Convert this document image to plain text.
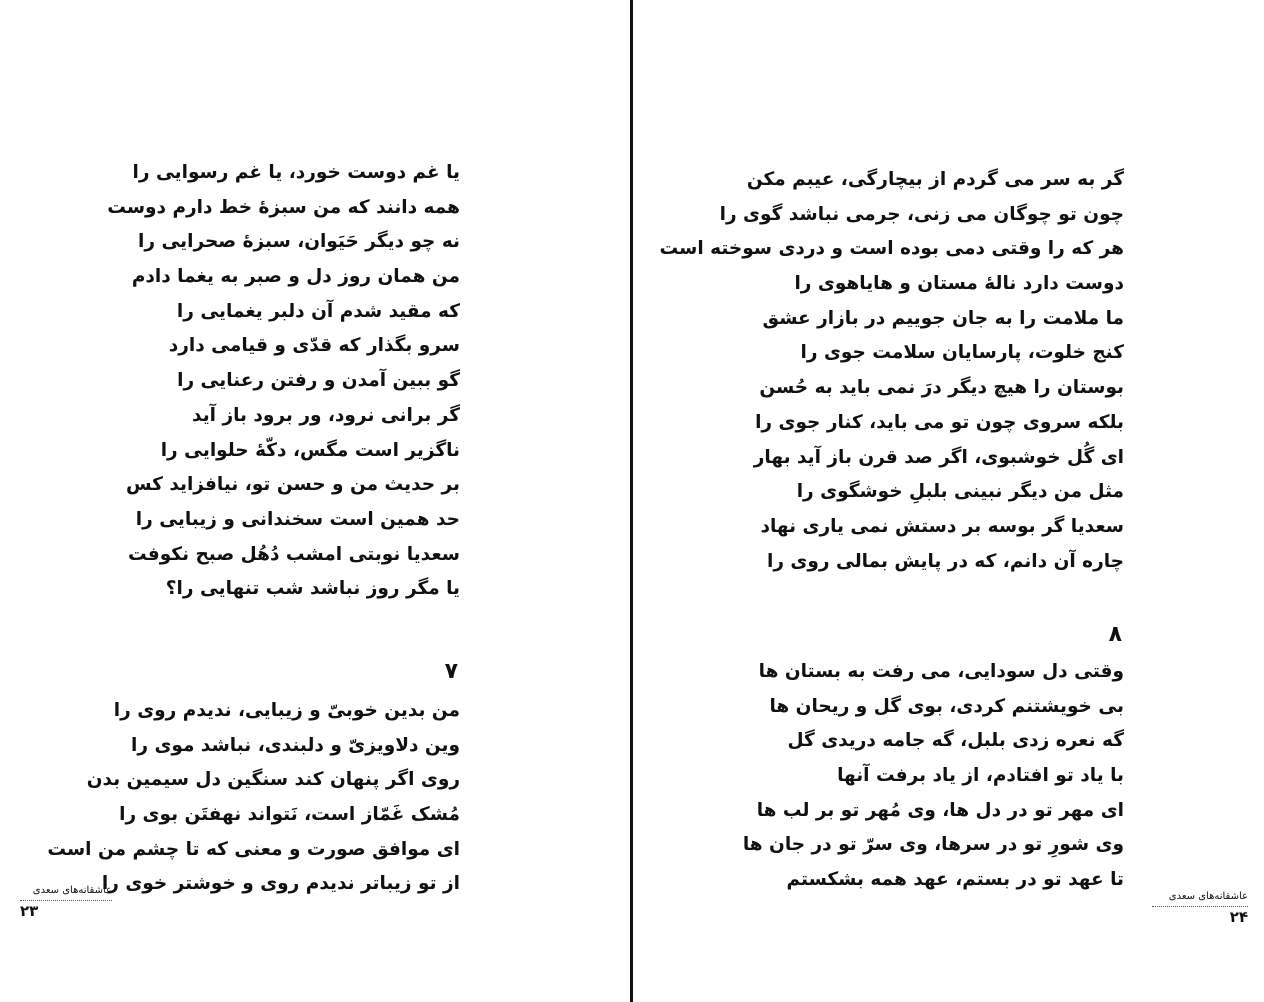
یا غم دوست خورد، یا غم رسوایی را
همه دانند که من سبزهٔ خط دارم دوست
نه چو دیگر حَیَوان، سبزهٔ صحرایی را
من همان روز دل و صبر به یغما دادم
که مقید شدم آن دلبر یغمایی را
سرو بگذار که قدّی و قیامی دارد
گو ببین آمدن و رفتن رعنایی را
گر برانی نرود، ور برود باز آید
ناگزیر است مگس، دکّهٔ حلوایی را
بر حدیث من و حسن تو، نیافزاید کس
حد همین است سخندانی و زیبایی را
سعدیا نوبتی امشب دُهُل صبح نکوفت
یا مگر روز نباشد شب تنهایی را؟
۷
من بدین خوبیّ و زیبایی، ندیدم روی را
وین دلاویزیّ و دلبندی، نباشد موی را
روی اگر پنهان کند سنگین دل سیمین بدن
مُشک غَمّاز است، نَتواند نهفتَن بوی را
ای موافق صورت و معنی که تا چشم من است
از تو زیباتر ندیدم روی و خوشتر خوی را
عاشقانه‌های سعدی
۲۳
گر به سر می گردم از بیچارگی، عیبم مکن
چون تو چوگان می زنی، جرمی نباشد گوی را
هر که را وقتی دمی بوده است و دردی سوخته است
دوست دارد نالهٔ مستان و هایاهوی را
ما ملامت را به جان جوییم در بازار عشق
کنج خلوت، پارسایان سلامت جوی را
بوستان را هیچ دیگر درَ نمی باید به حُسن
بلکه سروی چون تو می باید، کنار جوی را
ای گُل خوشبوی، اگر صد قرن باز آید بهار
مثل من دیگر نبینی بلبلِ خوشگوی را
سعدیا گر بوسه بر دستش نمی یاری نهاد
چاره آن دانم، که در پایش بمالی روی را
۸
وقتی دل سودایی، می رفت به بستان ها
بی خویشتنم کردی، بوی گل و ریحان ها
گه نعره زدی بلبل، گه جامه دریدی گل
با یاد تو افتادم، از یاد برفت آنها
ای مهر تو در دل ها، وی مُهر تو بر لب ها
وی شورِ تو در سرها، وی سرّ تو در جان ها
تا عهد تو در بستم، عهد همه بشکستم
عاشقانه‌های سعدی
۲۴
